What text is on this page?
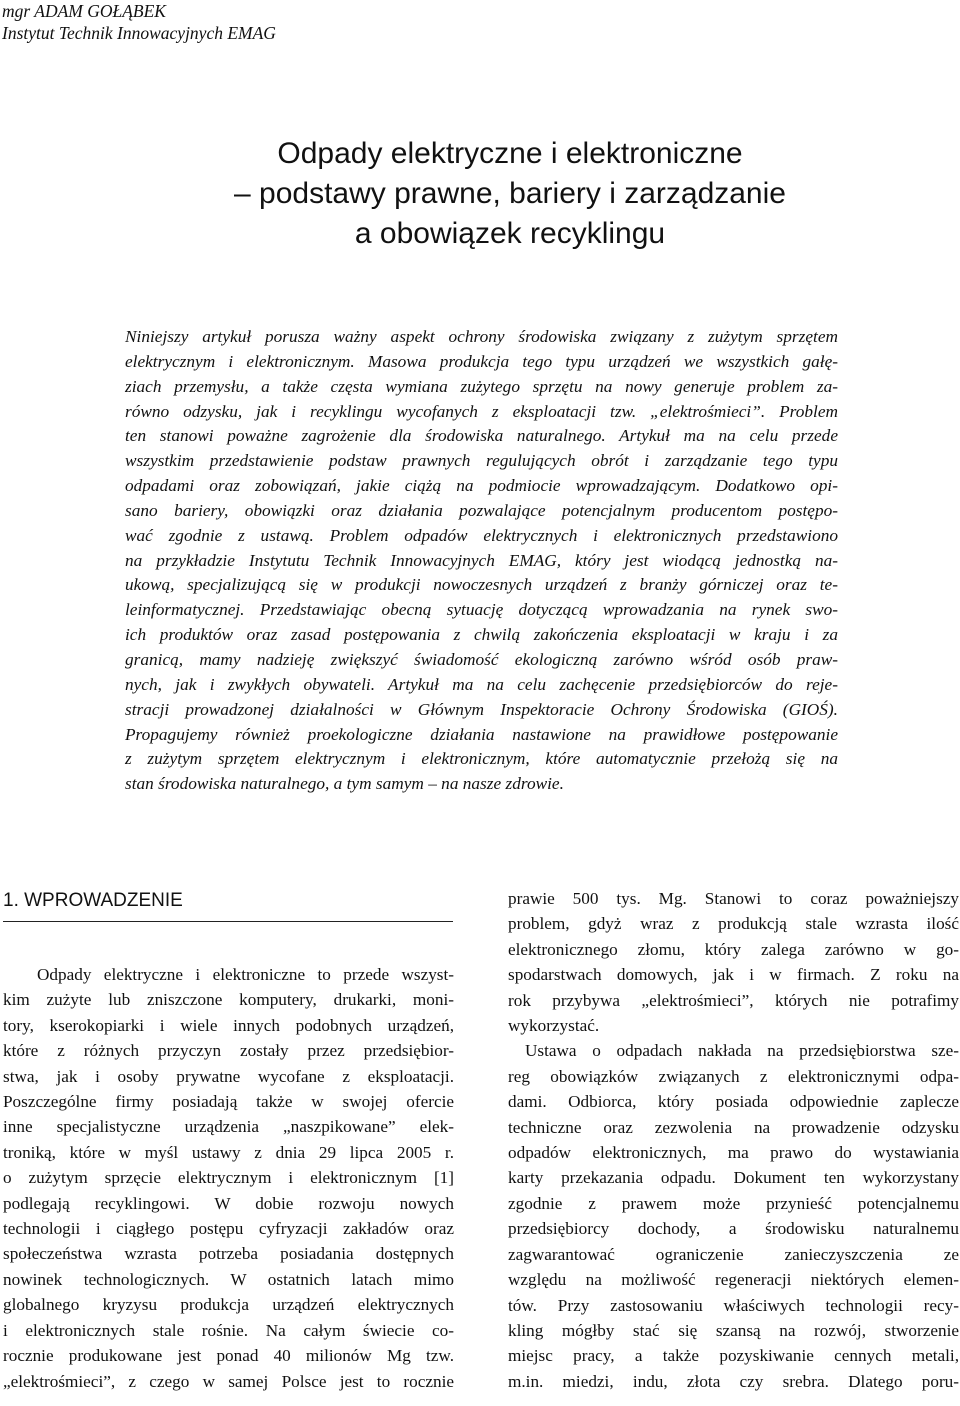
mgr ADAM GOŁĄBEK
Instytut Technik Innowacyjnych EMAG
Odpady elektryczne i elektroniczne
– podstawy prawne, bariery i zarządzanie
a obowiązek recyklingu
Niniejszy artykuł porusza ważny aspekt ochrony środowiska związany z zużytym sprzętem
elektrycznym i elektronicznym. Masowa produkcja tego typu urządzeń we wszystkich gałę-
ziach przemysłu, a także częsta wymiana zużytego sprzętu na nowy generuje problem za-
równo odzysku, jak i recyklingu wycofanych z eksploatacji tzw. „elektrośmieci”. Problem
ten stanowi poważne zagrożenie dla środowiska naturalnego. Artykuł ma na celu przede
wszystkim przedstawienie podstaw prawnych regulujących obrót i zarządzanie tego typu
odpadami oraz zobowiązań, jakie ciążą na podmiocie wprowadzającym. Dodatkowo opi-
sano bariery, obowiązki oraz działania pozwalające potencjalnym producentom postępo-
wać zgodnie z ustawą. Problem odpadów elektrycznych i elektronicznych przedstawiono
na przykładzie Instytutu Technik Innowacyjnych EMAG, który jest wiodącą jednostką na-
ukową, specjalizującą się w produkcji nowoczesnych urządzeń z branży górniczej oraz te-
leinformatycznej. Przedstawiając obecną sytuację dotyczącą wprowadzania na rynek swo-
ich produktów oraz zasad postępowania z chwilą zakończenia eksploatacji w kraju i za
granicą, mamy nadzieję zwiększyć świadomość ekologiczną zarówno wśród osób praw-
nych, jak i zwykłych obywateli. Artykuł ma na celu zachęcenie przedsiębiorców do reje-
stracji prowadzonej działalności w Głównym Inspektoracie Ochrony Środowiska (GIOŚ).
Propagujemy również proekologiczne działania nastawione na prawidłowe postępowanie
z zużytym sprzętem elektrycznym i elektronicznym, które automatycznie przełożą się na
stan środowiska naturalnego, a tym samym – na nasze zdrowie.
1. WPROWADZENIE
Odpady elektryczne i elektroniczne to przede wszyst-
kim zużyte lub zniszczone komputery, drukarki, moni-
tory, kserokopiarki i wiele innych podobnych urządzeń,
które z różnych przyczyn zostały przez przedsiębior-
stwa, jak i osoby prywatne wycofane z eksploatacji.
Poszczególne firmy posiadają także w swojej ofercie
inne specjalistyczne urządzenia „naszpikowane” elek-
troniką, które w myśl ustawy z dnia 29 lipca 2005 r.
o zużytym sprzęcie elektrycznym i elektronicznym [1]
podlegają recyklingowi. W dobie rozwoju nowych
technologii i ciągłego postępu cyfryzacji zakładów oraz
społeczeństwa wzrasta potrzeba posiadania dostępnych
nowinek technologicznych. W ostatnich latach mimo
globalnego kryzysu produkcja urządzeń elektrycznych
i elektronicznych stale rośnie. Na całym świecie co-
rocznie produkowane jest ponad 40 milionów Mg tzw.
„elektrośmieci”, z czego w samej Polsce jest to rocznie
prawie 500 tys. Mg. Stanowi to coraz poważniejszy
problem, gdyż wraz z produkcją stale wzrasta ilość
elektronicznego złomu, który zalega zarówno w go-
spodarstwach domowych, jak i w firmach. Z roku na
rok przybywa „elektrośmieci”, których nie potrafimy
wykorzystać.
Ustawa o odpadach nakłada na przedsiębiorstwa sze-
reg obowiązków związanych z elektronicznymi odpa-
dami. Odbiorca, który posiada odpowiednie zaplecze
techniczne oraz zezwolenia na prowadzenie odzysku
odpadów elektronicznych, ma prawo do wystawiania
karty przekazania odpadu. Dokument ten wykorzystany
zgodnie z prawem może przynieść potencjalnemu
przedsiębiorcy dochody, a środowisku naturalnemu
zagwarantować ograniczenie zanieczyszczenia ze
względu na możliwość regeneracji niektórych elemen-
tów. Przy zastosowaniu właściwych technologii recy-
kling mógłby stać się szansą na rozwój, stworzenie
miejsc pracy, a także pozyskiwanie cennych metali,
m.in. miedzi, indu, złota czy srebra. Dlatego poru-
